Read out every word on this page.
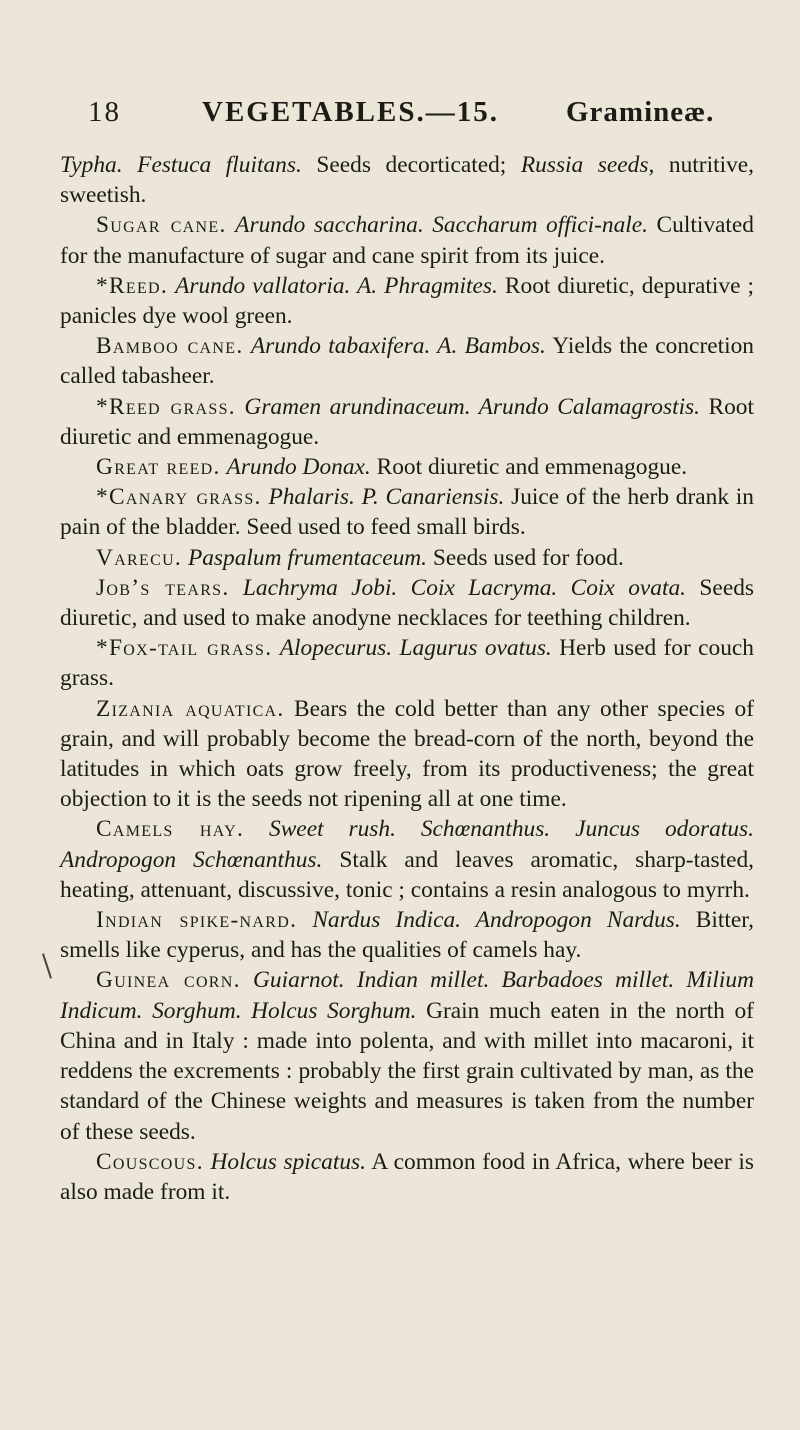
18	VEGETABLES.—15. Gramineæ.

Typha. Festuca fluitans. Seeds decorticated; Russia seeds, nutritive, sweetish.

Sugar cane. Arundo saccharina. Saccharum offici-nale. Cultivated for the manufacture of sugar and cane spirit from its juice.

*Reed. Arundo vallatoria. A. Phragmites. Root diuretic, depurative ; panicles dye wool green.

Bamboo cane. Arundo tabaxifera. A. Bambos. Yields the concretion called tabasheer.

*Reed grass. Gramen arundinaceum. Arundo Calamagrostis. Root diuretic and emmenagogue.

Great reed. Arundo Donax. Root diuretic and emmenagogue.

*Canary grass. Phalaris. P. Canariensis. Juice of the herb drank in pain of the bladder. Seed used to feed small birds.

Varecu. Paspalum frumentaceum. Seeds used for food.

Job’s tears. Lachryma Jobi. Coix Lacryma. Coix ovata. Seeds diuretic, and used to make anodyne necklaces for teething children.

*Fox-tail grass. Alopecurus. Lagurus ovatus. Herb used for couch grass.

Zizania aquatica. Bears the cold better than any other species of grain, and will probably become the bread-corn of the north, beyond the latitudes in which oats grow freely, from its productiveness; the great objection to it is the seeds not ripening all at one time.

Camels hay. Sweet rush. Schœnanthus. Juncus odoratus. Andropogon Schœnanthus. Stalk and leaves aromatic, sharp-tasted, heating, attenuant, discussive, tonic ; contains a resin analogous to myrrh.

Indian spike-nard. Nardus Indica. Andropogon Nardus. Bitter, smells like cyperus, and has the qualities of camels hay.

Guinea corn. Guiarnot. Indian millet. Barbadoes millet. Milium Indicum. Sorghum. Holcus Sorghum. Grain much eaten in the north of China and in Italy : made into polenta, and with millet into macaroni, it reddens the excrements : probably the first grain cultivated by man, as the standard of the Chinese weights and measures is taken from the number of these seeds.

Couscous. Holcus spicatus. A common food in Africa, where beer is also made from it.
